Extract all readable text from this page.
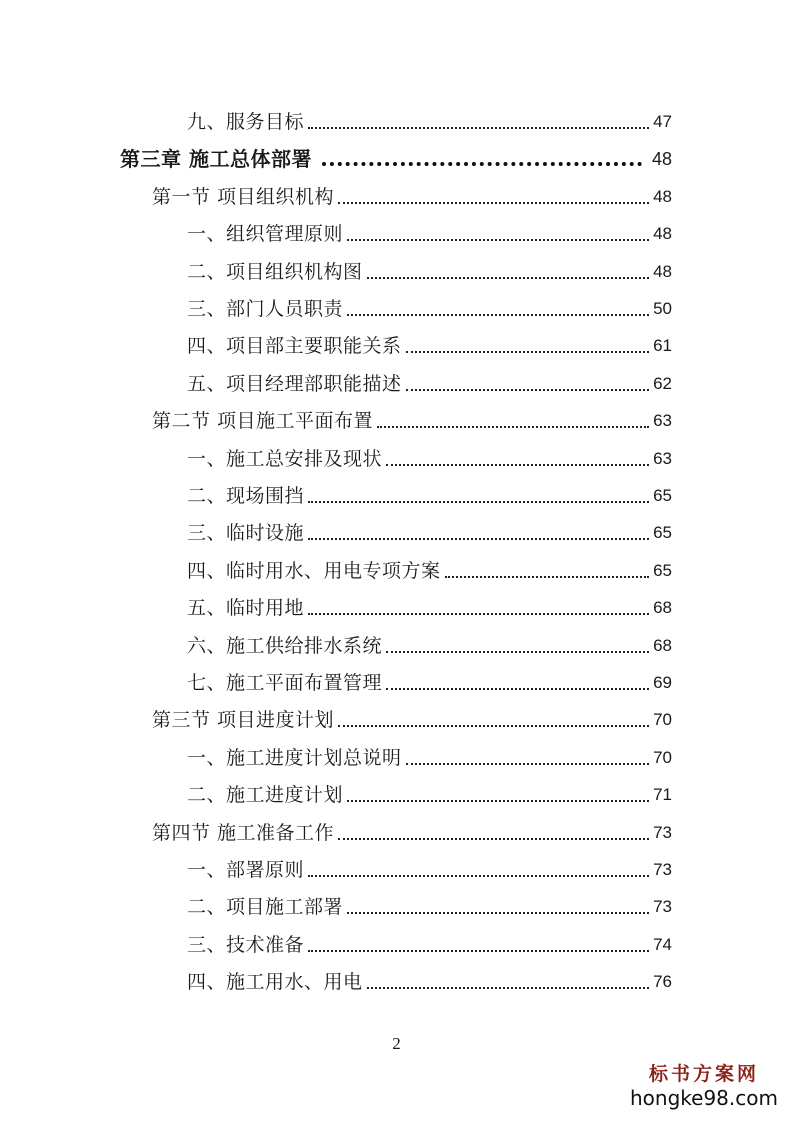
九、服务目标	47
第三章 施工总体部署	48
第一节 项目组织机构	48
一、组织管理原则	48
二、项目组织机构图	48
三、部门人员职责	50
四、项目部主要职能关系	61
五、项目经理部职能描述	62
第二节 项目施工平面布置	63
一、施工总安排及现状	63
二、现场围挡	65
三、临时设施	65
四、临时用水、用电专项方案	65
五、临时用地	68
六、施工供给排水系统	68
七、施工平面布置管理	69
第三节 项目进度计划	70
一、施工进度计划总说明	70
二、施工进度计划	71
第四节 施工准备工作	73
一、部署原则	73
二、项目施工部署	73
三、技术准备	74
四、施工用水、用电	76
2
标书方案网
hongke98.com
